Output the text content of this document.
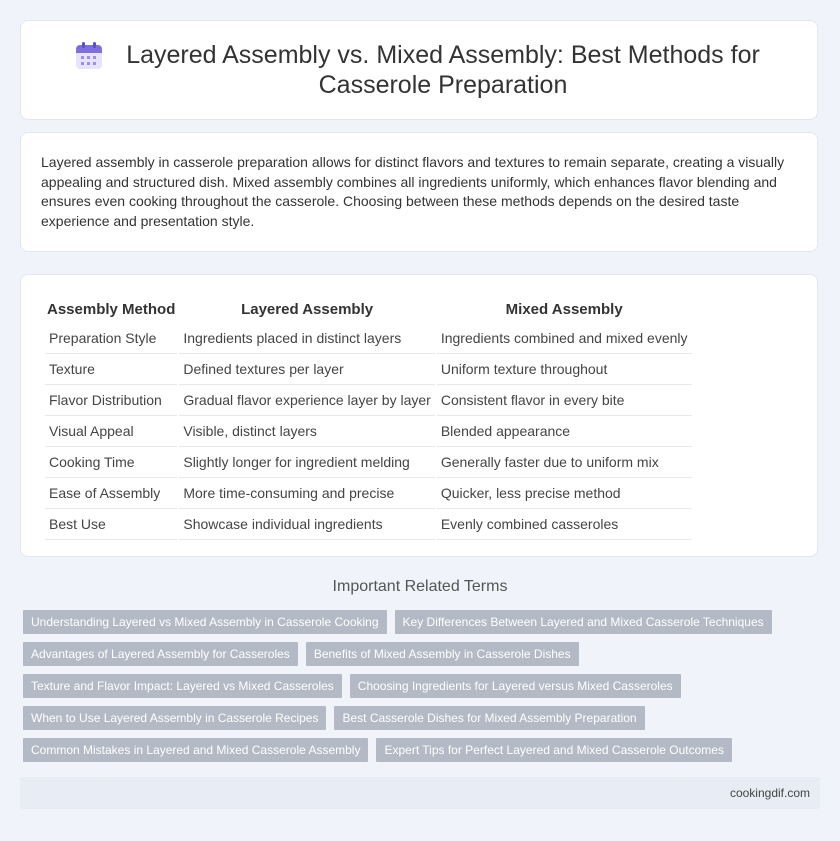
Layered Assembly vs. Mixed Assembly: Best Methods for Casserole Preparation

Layered assembly in casserole preparation allows for distinct flavors and textures to remain separate, creating a visually appealing and structured dish. Mixed assembly combines all ingredients uniformly, which enhances flavor blending and ensures even cooking throughout the casserole. Choosing between these methods depends on the desired taste experience and presentation style.

Assembly Method	Layered Assembly	Mixed Assembly
Preparation Style	Ingredients placed in distinct layers	Ingredients combined and mixed evenly
Texture	Defined textures per layer	Uniform texture throughout
Flavor Distribution	Gradual flavor experience layer by layer	Consistent flavor in every bite
Visual Appeal	Visible, distinct layers	Blended appearance
Cooking Time	Slightly longer for ingredient melding	Generally faster due to uniform mix
Ease of Assembly	More time-consuming and precise	Quicker, less precise method
Best Use	Showcase individual ingredients	Evenly combined casseroles
Important Related Terms
Understanding Layered vs Mixed Assembly in Casserole Cooking	Key Differences Between Layered and Mixed Casserole Techniques
Advantages of Layered Assembly for Casseroles	Benefits of Mixed Assembly in Casserole Dishes
Texture and Flavor Impact: Layered vs Mixed Casseroles	Choosing Ingredients for Layered versus Mixed Casseroles
When to Use Layered Assembly in Casserole Recipes	Best Casserole Dishes for Mixed Assembly Preparation
Common Mistakes in Layered and Mixed Casserole Assembly	Expert Tips for Perfect Layered and Mixed Casserole Outcomes
cookingdif.com
